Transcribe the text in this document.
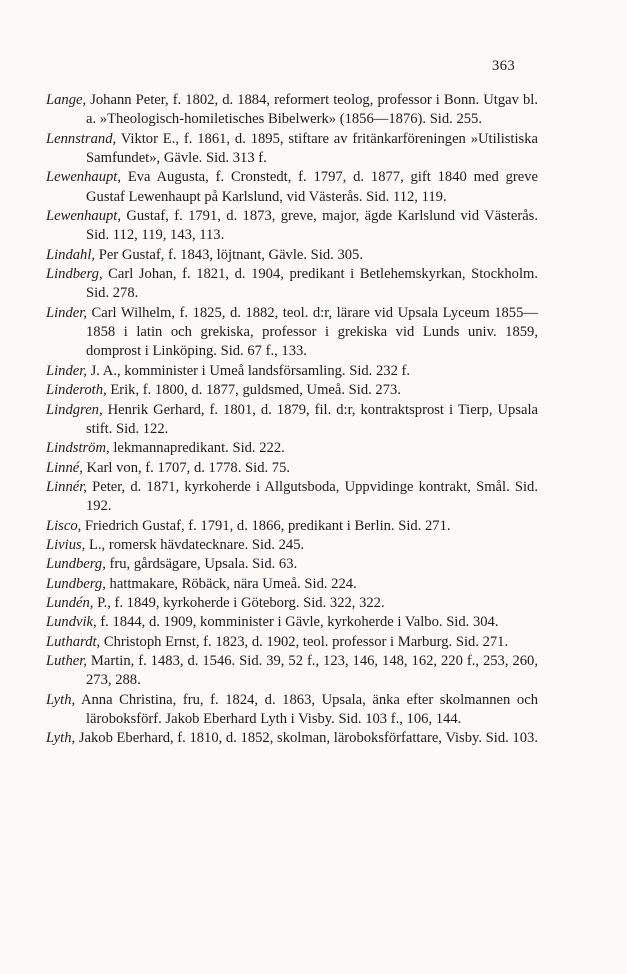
363

Lange, Johann Peter, f. 1802, d. 1884, reformert teolog, professor i Bonn. Utgav bl. a. »Theologisch-homiletisches Bibelwerk» (1856—1876). Sid. 255.

Lennstrand, Viktor E., f. 1861, d. 1895, stiftare av fritänkarföreningen »Utilistiska Samfundet», Gävle. Sid. 313 f.

Lewenhaupt, Eva Augusta, f. Cronstedt, f. 1797, d. 1877, gift 1840 med greve Gustaf Lewenhaupt på Karlslund, vid Västerås. Sid. 112, 119.

Lewenhaupt, Gustaf, f. 1791, d. 1873, greve, major, ägde Karlslund vid Västerås. Sid. 112, 119, 143, 113.

Lindahl, Per Gustaf, f. 1843, löjtnant, Gävle. Sid. 305.

Lindberg, Carl Johan, f. 1821, d. 1904, predikant i Betlehemskyrkan, Stockholm. Sid. 278.

Linder, Carl Wilhelm, f. 1825, d. 1882, teol. d:r, lärare vid Upsala Lyceum 1855—1858 i latin och grekiska, professor i grekiska vid Lunds univ. 1859, domprost i Linköping. Sid. 67 f., 133.

Linder, J. A., komminister i Umeå landsförsamling. Sid. 232 f.

Linderoth, Erik, f. 1800, d. 1877, guldsmed, Umeå. Sid. 273.

Lindgren, Henrik Gerhard, f. 1801, d. 1879, fil. d:r, kontraktsprost i Tierp, Upsala stift. Sid. 122.

Lindström, lekmannapredikant. Sid. 222.

Linné, Karl von, f. 1707, d. 1778. Sid. 75.

Linnér, Peter, d. 1871, kyrkoherde i Allgutsboda, Uppvidinge kontrakt, Smål. Sid. 192.

Lisco, Friedrich Gustaf, f. 1791, d. 1866, predikant i Berlin. Sid. 271.

Livius, L., romersk hävdatecknare. Sid. 245.

Lundberg, fru, gårdsägare, Upsala. Sid. 63.

Lundberg, hattmakare, Röbäck, nära Umeå. Sid. 224.

Lundén, P., f. 1849, kyrkoherde i Göteborg. Sid. 322, 322.

Lundvik, f. 1844, d. 1909, komminister i Gävle, kyrkoherde i Valbo. Sid. 304.

Luthardt, Christoph Ernst, f. 1823, d. 1902, teol. professor i Marburg. Sid. 271.

Luther, Martin, f. 1483, d. 1546. Sid. 39, 52 f., 123, 146, 148, 162, 220 f., 253, 260, 273, 288.

Lyth, Anna Christina, fru, f. 1824, d. 1863, Upsala, änka efter skolmannen och läroboksförf. Jakob Eberhard Lyth i Visby. Sid. 103 f., 106, 144.

Lyth, Jakob Eberhard, f. 1810, d. 1852, skolman, läroboksförfattare, Visby. Sid. 103.
